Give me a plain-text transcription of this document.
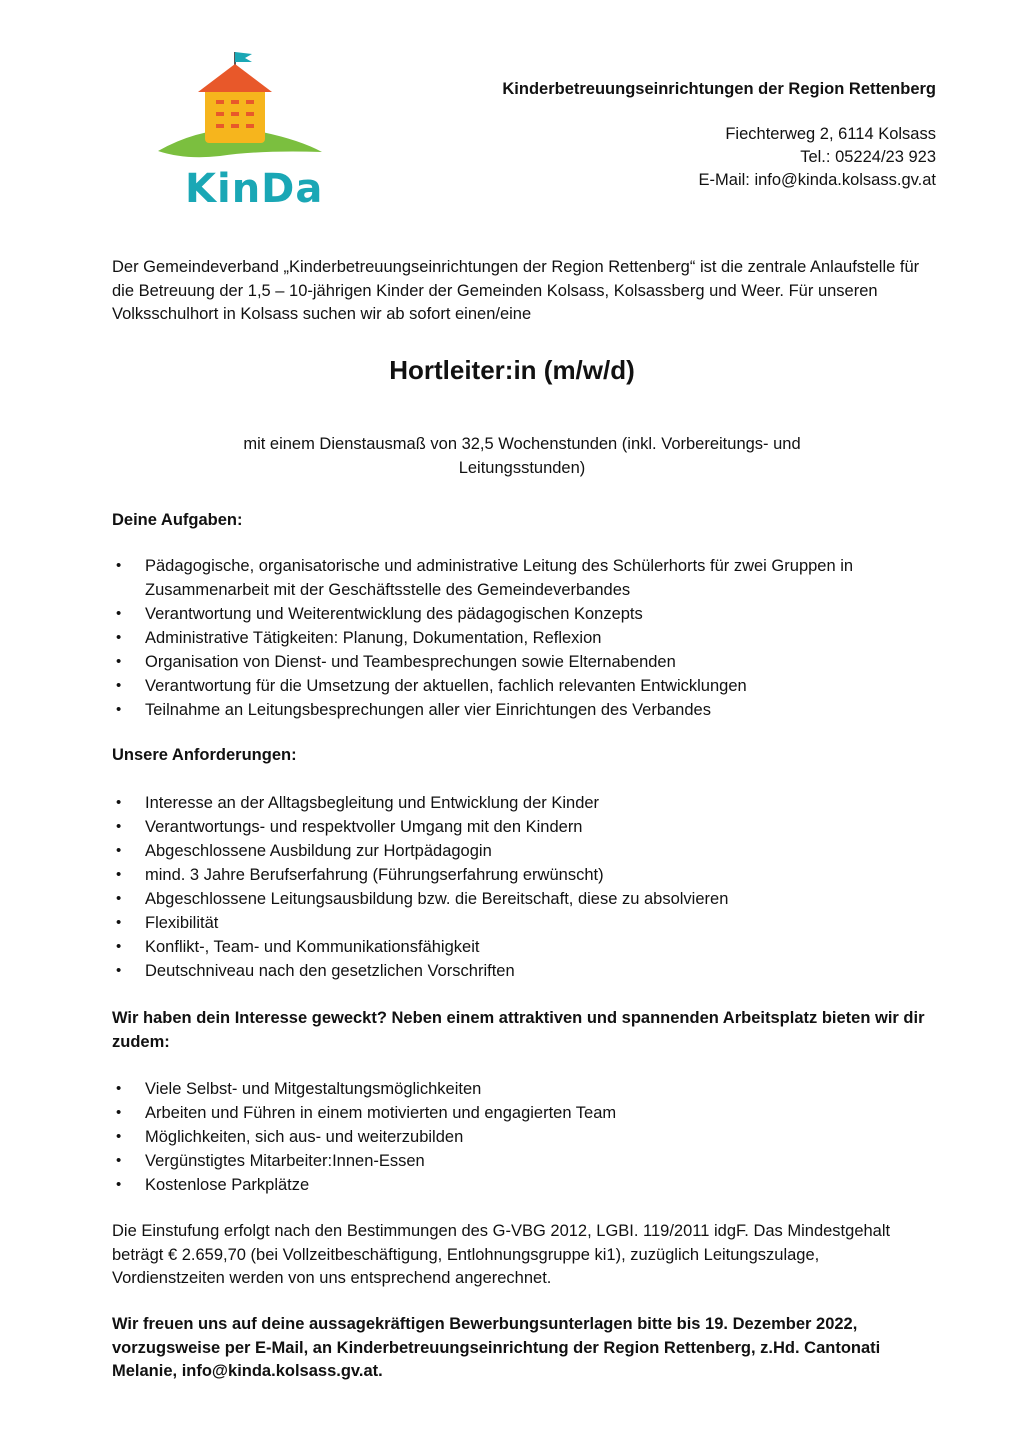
KinDa
Kinderbetreuungseinrichtungen der Region Rettenberg
Fiechterweg 2, 6114 Kolsass
Tel.: 05224/23 923
E-Mail: info@kinda.kolsass.gv.at
Der Gemeindeverband „Kinderbetreuungseinrichtungen der Region Rettenberg“ ist die zentrale Anlaufstelle für die Betreuung der 1,5 – 10-jährigen Kinder der Gemeinden Kolsass, Kolsassberg und Weer. Für unseren Volksschulhort in Kolsass suchen wir ab sofort einen/eine
Hortleiter:in (m/w/d)
mit einem Dienstausmaß von 32,5 Wochenstunden (inkl. Vorbereitungs- und Leitungsstunden)
Deine Aufgaben:
• Pädagogische, organisatorische und administrative Leitung des Schülerhorts für zwei Gruppen in Zusammenarbeit mit der Geschäftsstelle des Gemeindeverbandes
• Verantwortung und Weiterentwicklung des pädagogischen Konzepts
• Administrative Tätigkeiten: Planung, Dokumentation, Reflexion
• Organisation von Dienst- und Teambesprechungen sowie Elternabenden
• Verantwortung für die Umsetzung der aktuellen, fachlich relevanten Entwicklungen
• Teilnahme an Leitungsbesprechungen aller vier Einrichtungen des Verbandes
Unsere Anforderungen:
• Interesse an der Alltagsbegleitung und Entwicklung der Kinder
• Verantwortungs- und respektvoller Umgang mit den Kindern
• Abgeschlossene Ausbildung zur Hortpädagogin
• mind. 3 Jahre Berufserfahrung (Führungserfahrung erwünscht)
• Abgeschlossene Leitungsausbildung bzw. die Bereitschaft, diese zu absolvieren
• Flexibilität
• Konflikt-, Team- und Kommunikationsfähigkeit
• Deutschniveau nach den gesetzlichen Vorschriften
Wir haben dein Interesse geweckt? Neben einem attraktiven und spannenden Arbeitsplatz bieten wir dir zudem:
• Viele Selbst- und Mitgestaltungsmöglichkeiten
• Arbeiten und Führen in einem motivierten und engagierten Team
• Möglichkeiten, sich aus- und weiterzubilden
• Vergünstigtes Mitarbeiter:Innen-Essen
• Kostenlose Parkplätze
Die Einstufung erfolgt nach den Bestimmungen des G-VBG 2012, LGBI. 119/2011 idgF. Das Mindestgehalt beträgt € 2.659,70 (bei Vollzeitbeschäftigung, Entlohnungsgruppe ki1), zuzüglich Leitungszulage, Vordienstzeiten werden von uns entsprechend angerechnet.
Wir freuen uns auf deine aussagekräftigen Bewerbungsunterlagen bitte bis 19. Dezember 2022, vorzugsweise per E-Mail, an Kinderbetreuungseinrichtung der Region Rettenberg, z.Hd. Cantonati Melanie, info@kinda.kolsass.gv.at.
